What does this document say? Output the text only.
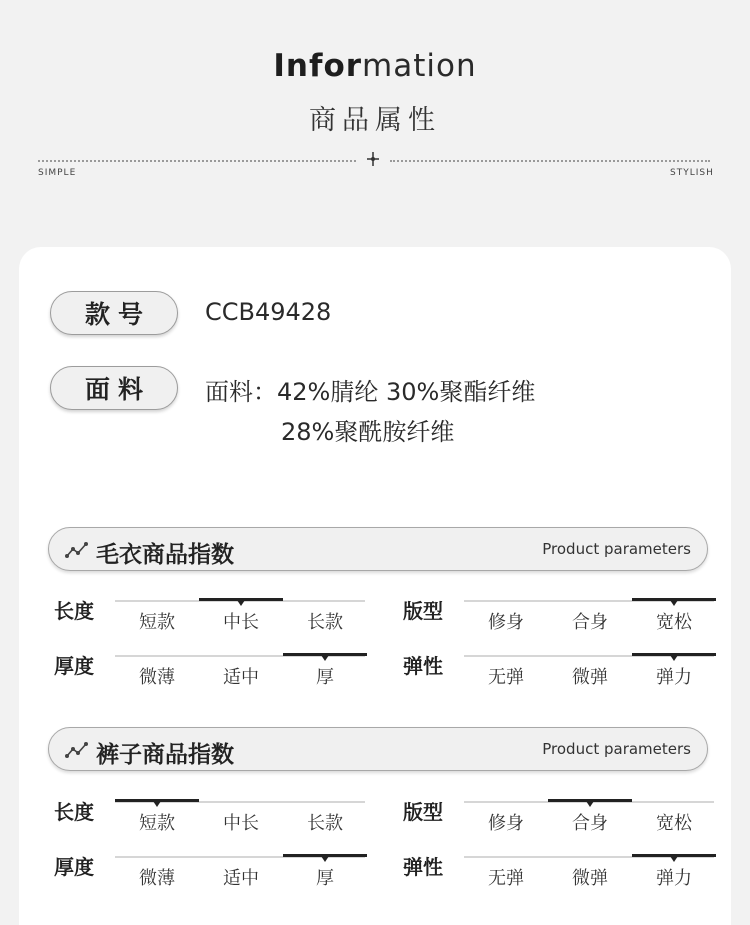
Information
商品属性
SIMPLE	STYLISH
款号	CCB49428
面料	面料：42%腈纶 30%聚酯纤维
28%聚酰胺纤维
毛衣商品指数	Product parameters
长度	短款	中长	长款	版型	修身	合身	宽松
厚度	微薄	适中	厚	弹性	无弹	微弹	弹力
裤子商品指数	Product parameters
长度	短款	中长	长款	版型	修身	合身	宽松
厚度	微薄	适中	厚	弹性	无弹	微弹	弹力
